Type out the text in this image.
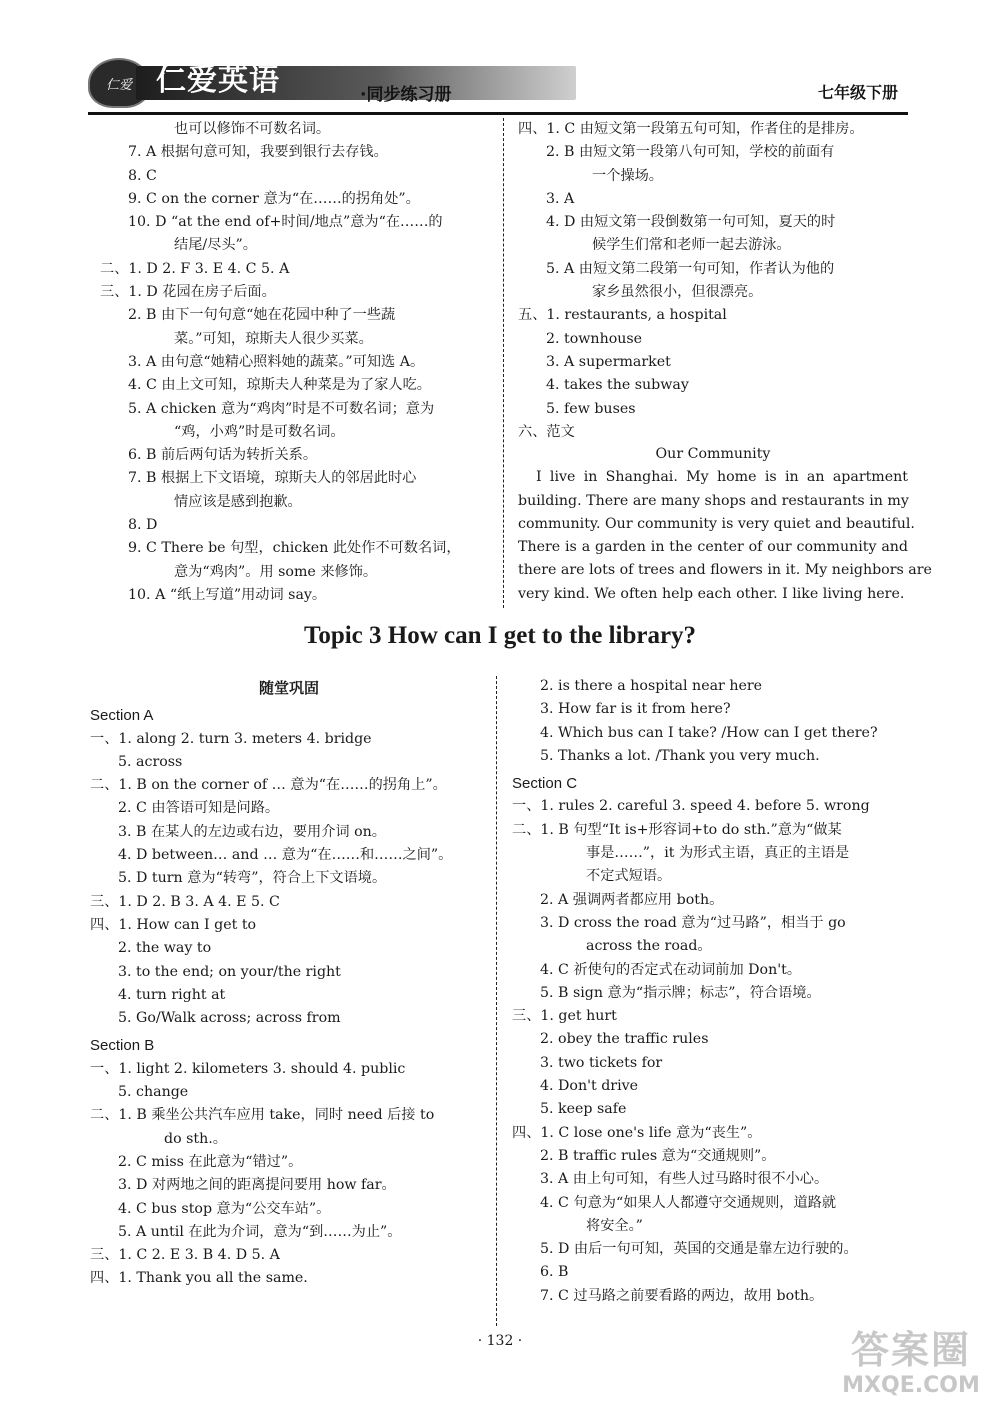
仁爱 仁爱英语	·同步练习册	七年级下册
也可以修饰不可数名词。
7. A 根据句意可知，我要到银行去存钱。
8. C
9. C on the corner 意为“在……的拐角处”。
10. D “at the end of+时间/地点”意为“在……的
结尾/尽头”。
二、1. D 2. F 3. E 4. C 5. A
三、1. D 花园在房子后面。
2. B 由下一句句意“她在花园中种了一些蔬
菜。”可知，琼斯夫人很少买菜。
3. A 由句意“她精心照料她的蔬菜。”可知选 A。
4. C 由上文可知，琼斯夫人种菜是为了家人吃。
5. A chicken 意为“鸡肉”时是不可数名词；意为
“鸡，小鸡”时是可数名词。
6. B 前后两句话为转折关系。
7. B 根据上下文语境，琼斯夫人的邻居此时心
情应该是感到抱歉。
8. D
9. C There be 句型，chicken 此处作不可数名词，
意为“鸡肉”。用 some 来修饰。
10. A “纸上写道”用动词 say。
四、1. C 由短文第一段第五句可知，作者住的是排房。
2. B 由短文第一段第八句可知，学校的前面有
一个操场。
3. A
4. D 由短文第一段倒数第一句可知，夏天的时
候学生们常和老师一起去游泳。
5. A 由短文第二段第一句可知，作者认为他的
家乡虽然很小，但很漂亮。
五、1. restaurants, a hospital
2. townhouse
3. A supermarket
4. takes the subway
5. few buses
六、范文
Our Community
I live in Shanghai. My home is in an apartment
building. There are many shops and restaurants in my
community. Our community is very quiet and beautiful.
There is a garden in the center of our community and
there are lots of trees and flowers in it. My neighbors are
very kind. We often help each other. I like living here.
Topic 3 How can I get to the library?
随堂巩固
Section A
一、1. along 2. turn 3. meters 4. bridge
5. across
二、1. B on the corner of … 意为“在……的拐角上”。
2. C 由答语可知是问路。
3. B 在某人的左边或右边，要用介词 on。
4. D between… and … 意为“在……和……之间”。
5. D turn 意为“转弯”，符合上下文语境。
三、1. D 2. B 3. A 4. E 5. C
四、1. How can I get to
2. the way to
3. to the end; on your/the right
4. turn right at
5. Go/Walk across; across from
Section B
一、1. light 2. kilometers 3. should 4. public
5. change
二、1. B 乘坐公共汽车应用 take，同时 need 后接 to
do sth.。
2. C miss 在此意为“错过”。
3. D 对两地之间的距离提问要用 how far。
4. C bus stop 意为“公交车站”。
5. A until 在此为介词，意为“到……为止”。
三、1. C 2. E 3. B 4. D 5. A
四、1. Thank you all the same.
2. is there a hospital near here
3. How far is it from here?
4. Which bus can I take? /How can I get there?
5. Thanks a lot. /Thank you very much.
Section C
一、1. rules 2. careful 3. speed 4. before 5. wrong
二、1. B 句型“It is+形容词+to do sth.”意为“做某
事是……”，it 为形式主语，真正的主语是
不定式短语。
2. A 强调两者都应用 both。
3. D cross the road 意为“过马路”，相当于 go
across the road。
4. C 祈使句的否定式在动词前加 Don't。
5. B sign 意为“指示牌；标志”，符合语境。
三、1. get hurt
2. obey the traffic rules
3. two tickets for
4. Don't drive
5. keep safe
四、1. C lose one's life 意为“丧生”。
2. B traffic rules 意为“交通规则”。
3. A 由上句可知，有些人过马路时很不小心。
4. C 句意为“如果人人都遵守交通规则，道路就
将安全。”
5. D 由后一句可知，英国的交通是靠左边行驶的。
6. B
7. C 过马路之前要看路的两边，故用 both。
· 132 ·	答案圈
MXQE.COM
